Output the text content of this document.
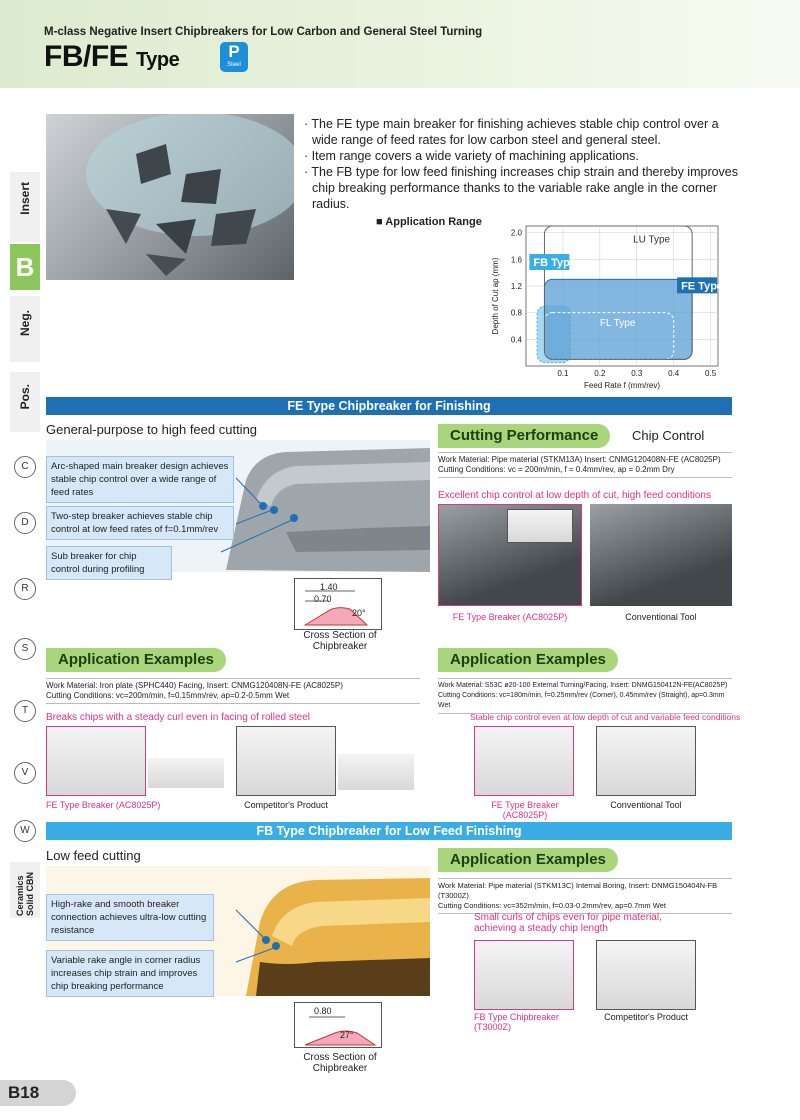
M-class Negative Insert Chipbreakers for Low Carbon and General Steel Turning
FB/FE Type	P
Steel
Insert
B
Neg.
Pos.
C
D
R
S
T
V
W
Ceramics Solid CBN

· The FE type main breaker for finishing achieves stable chip control over a wide range of feed rates for low carbon steel and general steel.

· Item range covers a wide variety of machining applications.

· The FB type for low feed finishing increases chip strain and thereby improves chip breaking performance thanks to the variable rake angle in the corner radius.

■ Application Range
0.4
0.8
1.2
1.6
2.0
0.1	0.2	0.3	0.4	0.5
Feed Rate f (mm/rev)
Depth of Cut ap (mm)	FB Type
FE Type
FL Type
LU Type
FE Type Chipbreaker for Finishing
General-purpose to high feed cutting
Arc-shaped main breaker design achieves stable chip control over a wide range of feed rates
Two-step breaker achieves stable chip control at low feed rates of f=0.1mm/rev
Sub breaker for chip control during profiling
1.40
0.70
20°
Cross Section of Chipbreaker
Cutting Performance	Chip Control
Work Material: Pipe material (STKM13A) Insert: CNMG120408N-FE (AC8025P)
Cutting Conditions: vc = 200m/min, f = 0.4mm/rev, ap = 0.2mm Dry
Excellent chip control at low depth of cut, high feed conditions
FE Type Breaker (AC8025P)	Conventional Tool
Application Examples
Work Material: Iron plate (SPHC440) Facing, Insert: CNMG120408N-FE (AC8025P)
Cutting Conditions: vc=200m/min, f=0.15mm/rev, ap=0.2-0.5mm Wet
Breaks chips with a steady curl even in facing of rolled steel
FE Type Breaker (AC8025P)	Competitor's Product
Application Examples
Work Material: S53C ø20-100 External Turning/Facing, Insert: DNMG150412N-FE(AC8025P)
Cutting Conditions: vc=180m/min, f=0.25mm/rev (Corner), 0.45mm/rev (Straight), ap=0.3mm Wet
Stable chip control even at low depth of cut and variable feed conditions
FE Type Breaker (AC8025P)
Conventional Tool
FB Type Chipbreaker for Low Feed Finishing
Low feed cutting
High-rake and smooth breaker connection achieves ultra-low cutting resistance
Variable rake angle in corner radius increases chip strain and improves chip breaking performance
0.80
27°
Cross Section of Chipbreaker
Application Examples
Work Material: Pipe material (STKM13C) Internal Boring, Insert: DNMG150404N-FB (T3000Z)
Cutting Conditions: vc=352m/min, f=0.03-0.2mm/rev, ap=0.7mm Wet
Small curls of chips even for pipe material, achieving a steady chip length
FB Type Chipbreaker
(T3000Z)
Competitor's Product
B18
